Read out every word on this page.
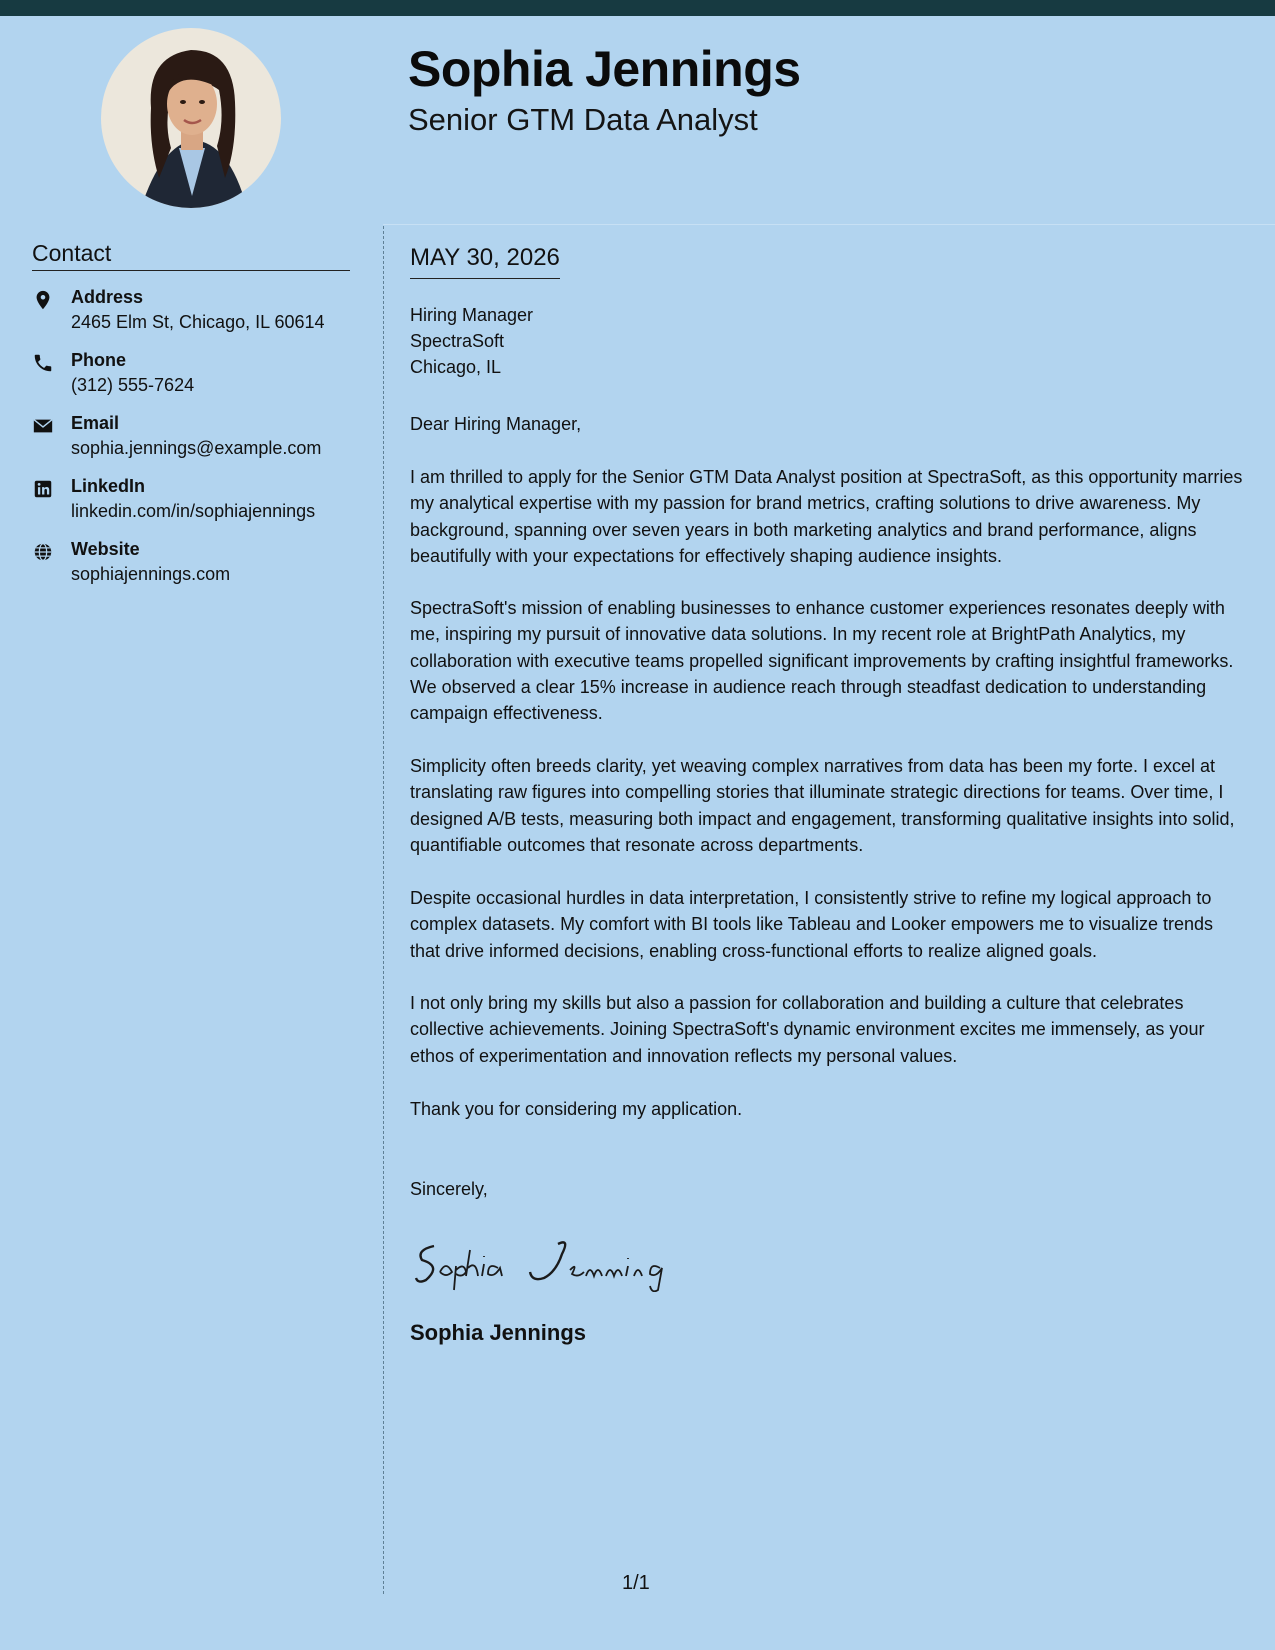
Sophia Jennings
Senior GTM Data Analyst
Contact
Address
2465 Elm St, Chicago, IL 60614
Phone
(312) 555-7624
Email
sophia.jennings@example.com
LinkedIn
linkedin.com/in/sophiajennings
Website
sophiajennings.com
MAY 30, 2026
Hiring Manager
SpectraSoft
Chicago, IL
Dear Hiring Manager,
I am thrilled to apply for the Senior GTM Data Analyst position at SpectraSoft, as this opportunity marries my analytical expertise with my passion for brand metrics, crafting solutions to drive awareness. My background, spanning over seven years in both marketing analytics and brand performance, aligns beautifully with your expectations for effectively shaping audience insights.
SpectraSoft's mission of enabling businesses to enhance customer experiences resonates deeply with me, inspiring my pursuit of innovative data solutions. In my recent role at BrightPath Analytics, my collaboration with executive teams propelled significant improvements by crafting insightful frameworks. We observed a clear 15% increase in audience reach through steadfast dedication to understanding campaign effectiveness.
Simplicity often breeds clarity, yet weaving complex narratives from data has been my forte. I excel at translating raw figures into compelling stories that illuminate strategic directions for teams. Over time, I designed A/B tests, measuring both impact and engagement, transforming qualitative insights into solid, quantifiable outcomes that resonate across departments.
Despite occasional hurdles in data interpretation, I consistently strive to refine my logical approach to complex datasets. My comfort with BI tools like Tableau and Looker empowers me to visualize trends that drive informed decisions, enabling cross-functional efforts to realize aligned goals.
I not only bring my skills but also a passion for collaboration and building a culture that celebrates collective achievements. Joining SpectraSoft's dynamic environment excites me immensely, as your ethos of experimentation and innovation reflects my personal values.
Thank you for considering my application.
Sincerely,
Sophia Jennings
1/1
